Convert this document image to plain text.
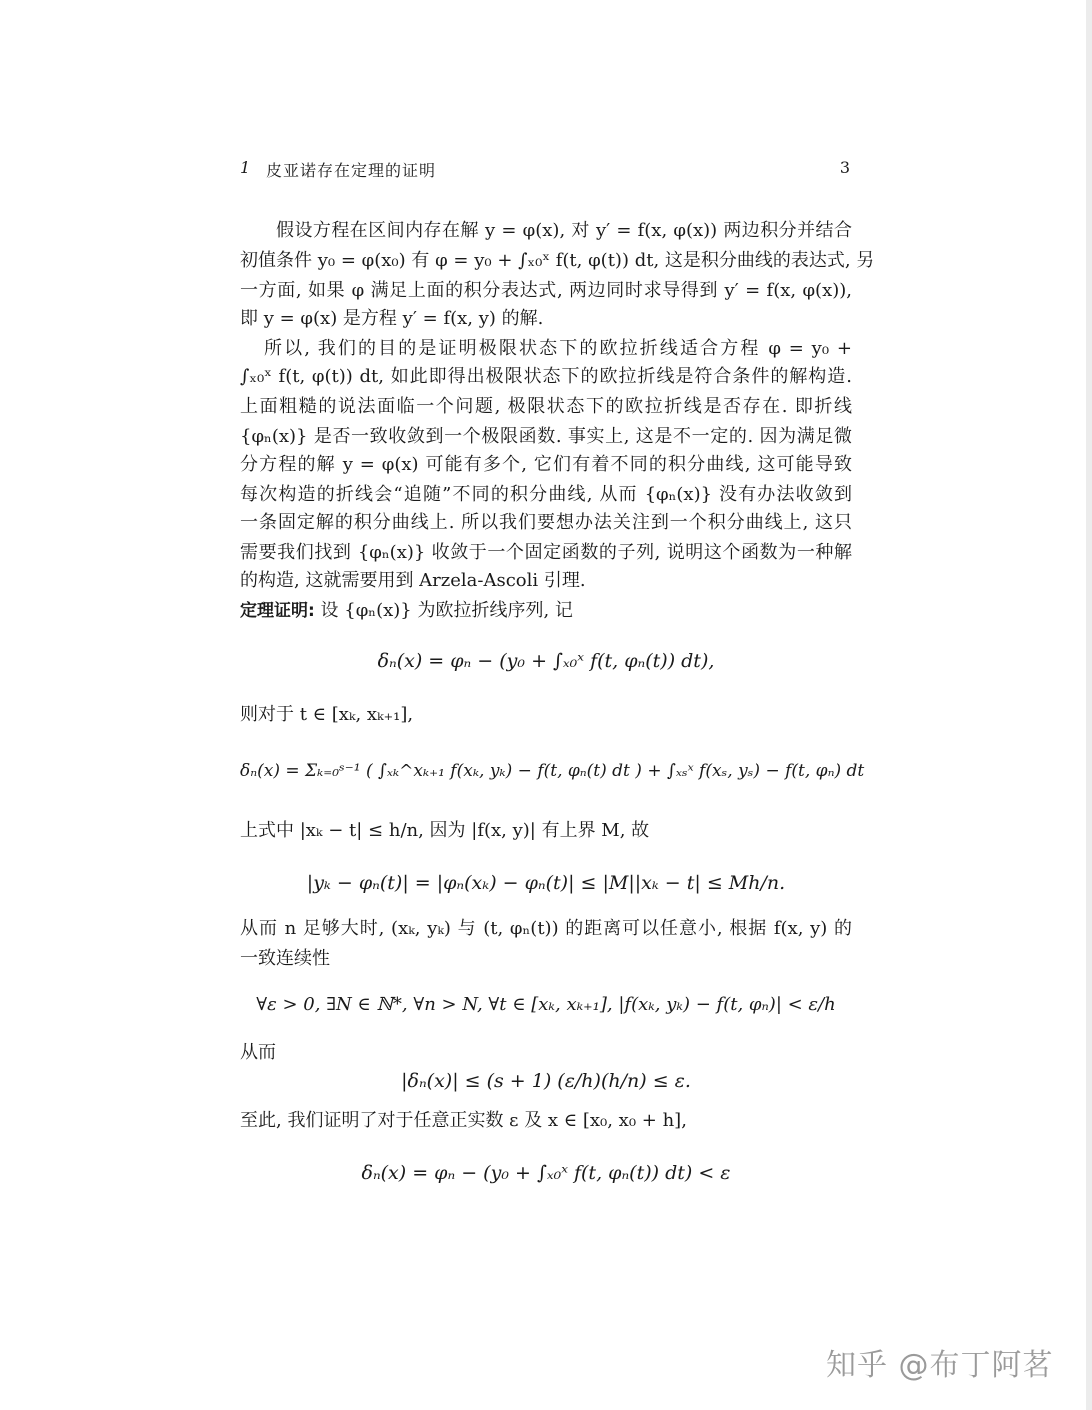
1 皮亚诺存在定理的证明	3
假设方程在区间内存在解 y = φ(x), 对 y′ = f(x, φ(x)) 两边积分并结合
初值条件 y₀ = φ(x₀) 有 φ = y₀ + ∫ₓ₀ˣ f(t, φ(t)) dt, 这是积分曲线的表达式, 另
一方面, 如果 φ 满足上面的积分表达式, 两边同时求导得到 y′ = f(x, φ(x)),
即 y = φ(x) 是方程 y′ = f(x, y) 的解.
所以, 我们的目的是证明极限状态下的欧拉折线适合方程 φ = y₀ +
∫ₓ₀ˣ f(t, φ(t)) dt, 如此即得出极限状态下的欧拉折线是符合条件的解构造.
上面粗糙的说法面临一个问题, 极限状态下的欧拉折线是否存在. 即折线
{φₙ(x)} 是否一致收敛到一个极限函数. 事实上, 这是不一定的. 因为满足微
分方程的解 y = φ(x) 可能有多个, 它们有着不同的积分曲线, 这可能导致
每次构造的折线会“追随”不同的积分曲线, 从而 {φₙ(x)} 没有办法收敛到
一条固定解的积分曲线上. 所以我们要想办法关注到一个积分曲线上, 这只
需要我们找到 {φₙ(x)} 收敛于一个固定函数的子列, 说明这个函数为一种解
的构造, 这就需要用到 Arzela-Ascoli 引理.
定理证明: 设 {φₙ(x)} 为欧拉折线序列, 记
δₙ(x) = φₙ − (y₀ + ∫ₓ₀ˣ f(t, φₙ(t)) dt),
则对于 t ∈ [xₖ, xₖ₊₁],
δₙ(x) = Σₖ₌₀ˢ⁻¹ ( ∫ₓₖ^xₖ₊₁ f(xₖ, yₖ) − f(t, φₙ(t) dt ) + ∫ₓₛˣ f(xₛ, yₛ) − f(t, φₙ) dt
上式中 |xₖ − t| ≤ h/n, 因为 |f(x, y)| 有上界 M, 故
|yₖ − φₙ(t)| = |φₙ(xₖ) − φₙ(t)| ≤ |M||xₖ − t| ≤ Mh/n.
从而 n 足够大时, (xₖ, yₖ) 与 (t, φₙ(t)) 的距离可以任意小, 根据 f(x, y) 的
一致连续性
∀ε > 0, ∃N ∈ ℕ*, ∀n > N, ∀t ∈ [xₖ, xₖ₊₁], |f(xₖ, yₖ) − f(t, φₙ)| < ε/h
从而
|δₙ(x)| ≤ (s + 1) (ε/h)(h/n) ≤ ε.
至此, 我们证明了对于任意正实数 ε 及 x ∈ [x₀, x₀ + h],
δₙ(x) = φₙ − (y₀ + ∫ₓ₀ˣ f(t, φₙ(t)) dt) < ε
知乎 @布丁阿茗
